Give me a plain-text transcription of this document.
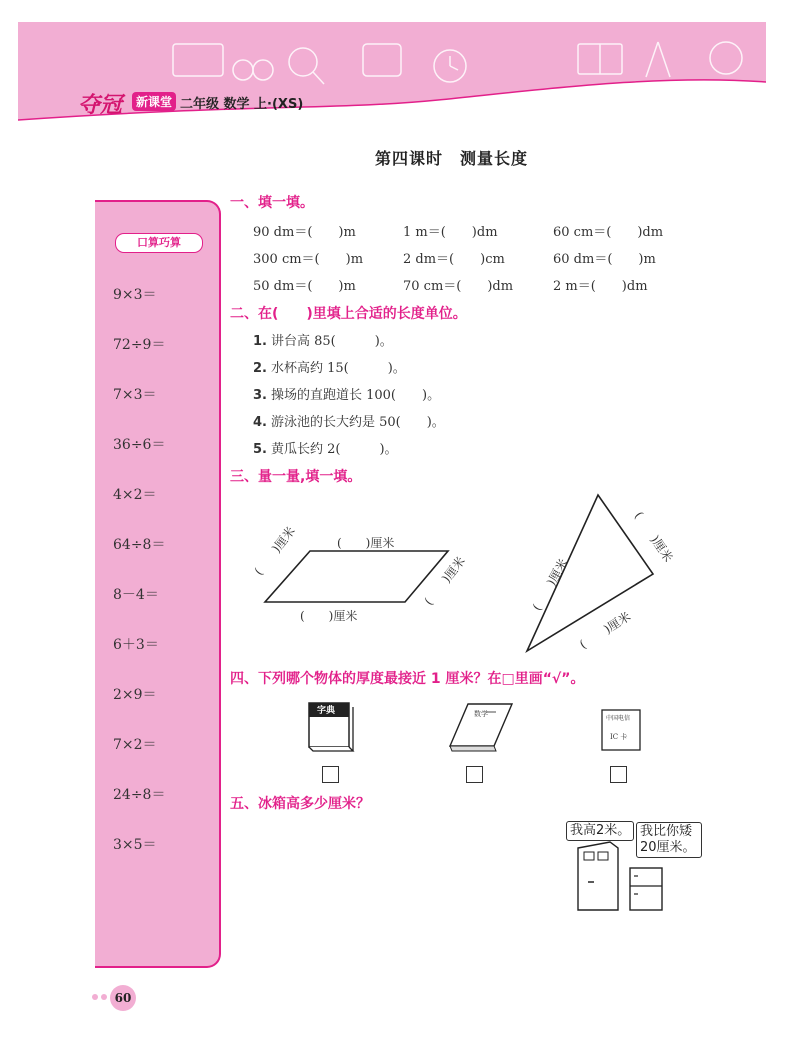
夺冠	新课堂 二年级 数学 上·(XS)
第四课时　测量长度
口算巧算
9×3＝
72÷9＝
7×3＝
36÷6＝
4×2＝
64÷8＝
8－4＝
6＋3＝
2×9＝
7×2＝
24÷8＝
3×5＝
一、填一填。
90 dm＝(　　)m	1 m＝(　　)dm	60 cm＝(　　)dm
300 cm＝(　　)m	2 dm＝(　　)cm	60 dm＝(　　)m
50 dm＝(　　)m	70 cm＝(　　)dm	2 m＝(　　)dm
二、在(　　)里填上合适的长度单位。
1. 讲台高 85(　　　)。
2. 水杯高约 15(　　　)。
3. 操场的直跑道长 100(　　)。
4. 游泳池的长大约是 50(　　)。
5. 黄瓜长约 2(　　　)。
三、量一量,填一填。
(　　)厘米
(　　)厘米
(　　)厘米
(　　)厘米	(　　)厘米
(　　)厘米
(　　)厘米
四、下列哪个物体的厚度最接近 1 厘米？在□里画“√”。
字典	数学
中国电信
IC 卡
五、冰箱高多少厘米？
我高2米。 我比你矮
20厘米。
60
